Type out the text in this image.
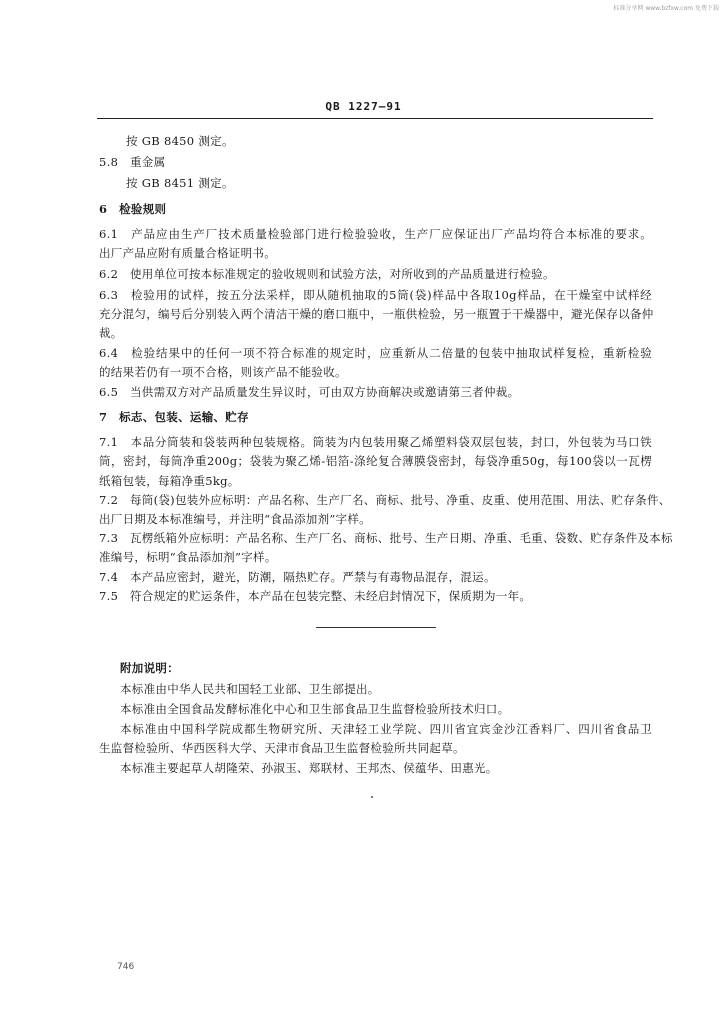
标准分享网 www.bzfxw.com 免费下载
QB 1227—91
按 GB 8450 测定。
5.8　重金属
按 GB 8451 测定。
6　检验规则
6.1　产品应由生产厂技术质量检验部门进行检验验收，生产厂应保证出厂产品均符合本标准的要求。
出厂产品应附有质量合格证明书。
6.2　使用单位可按本标准规定的验收规则和试验方法，对所收到的产品质量进行检验。
6.3　检验用的试样，按五分法采样，即从随机抽取的5筒(袋)样品中各取10g样品，在干燥室中试样经
充分混匀，编号后分别装入两个清洁干燥的磨口瓶中，一瓶供检验，另一瓶置于干燥器中，避光保存以备仲
裁。
6.4　检验结果中的任何一项不符合标准的规定时，应重新从二倍量的包装中抽取试样复检，重新检验
的结果若仍有一项不合格，则该产品不能验收。
6.5　当供需双方对产品质量发生异议时，可由双方协商解决或邀请第三者仲裁。
7　标志、包装、运输、贮存
7.1　本品分筒装和袋装两种包装规格。筒装为内包装用聚乙烯塑料袋双层包装，封口，外包装为马口铁
筒，密封，每筒净重200g；袋装为聚乙烯-铝箔-涤纶复合薄膜袋密封，每袋净重50g，每100袋以一瓦楞
纸箱包装，每箱净重5kg。
7.2　每筒(袋)包装外应标明：产品名称、生产厂名、商标、批号、净重、皮重、使用范围、用法、贮存条件、
出厂日期及本标准编号，并注明“食品添加剂”字样。
7.3　瓦楞纸箱外应标明：产品名称、生产厂名、商标、批号、生产日期、净重、毛重、袋数、贮存条件及本标
准编号，标明“食品添加剂”字样。
7.4　本产品应密封，避光，防潮，隔热贮存。严禁与有毒物品混存，混运。
7.5　符合规定的贮运条件，本产品在包装完整、未经启封情况下，保质期为一年。
附加说明：
本标准由中华人民共和国轻工业部、卫生部提出。
本标准由全国食品发酵标准化中心和卫生部食品卫生监督检验所技术归口。
本标准由中国科学院成都生物研究所、天津轻工业学院、四川省宜宾金沙江香料厂、四川省食品卫
生监督检验所、华西医科大学、天津市食品卫生监督检验所共同起草。
本标准主要起草人胡隆荣、孙淑玉、郑联材、王邦杰、侯蕴华、田惠光。
746
